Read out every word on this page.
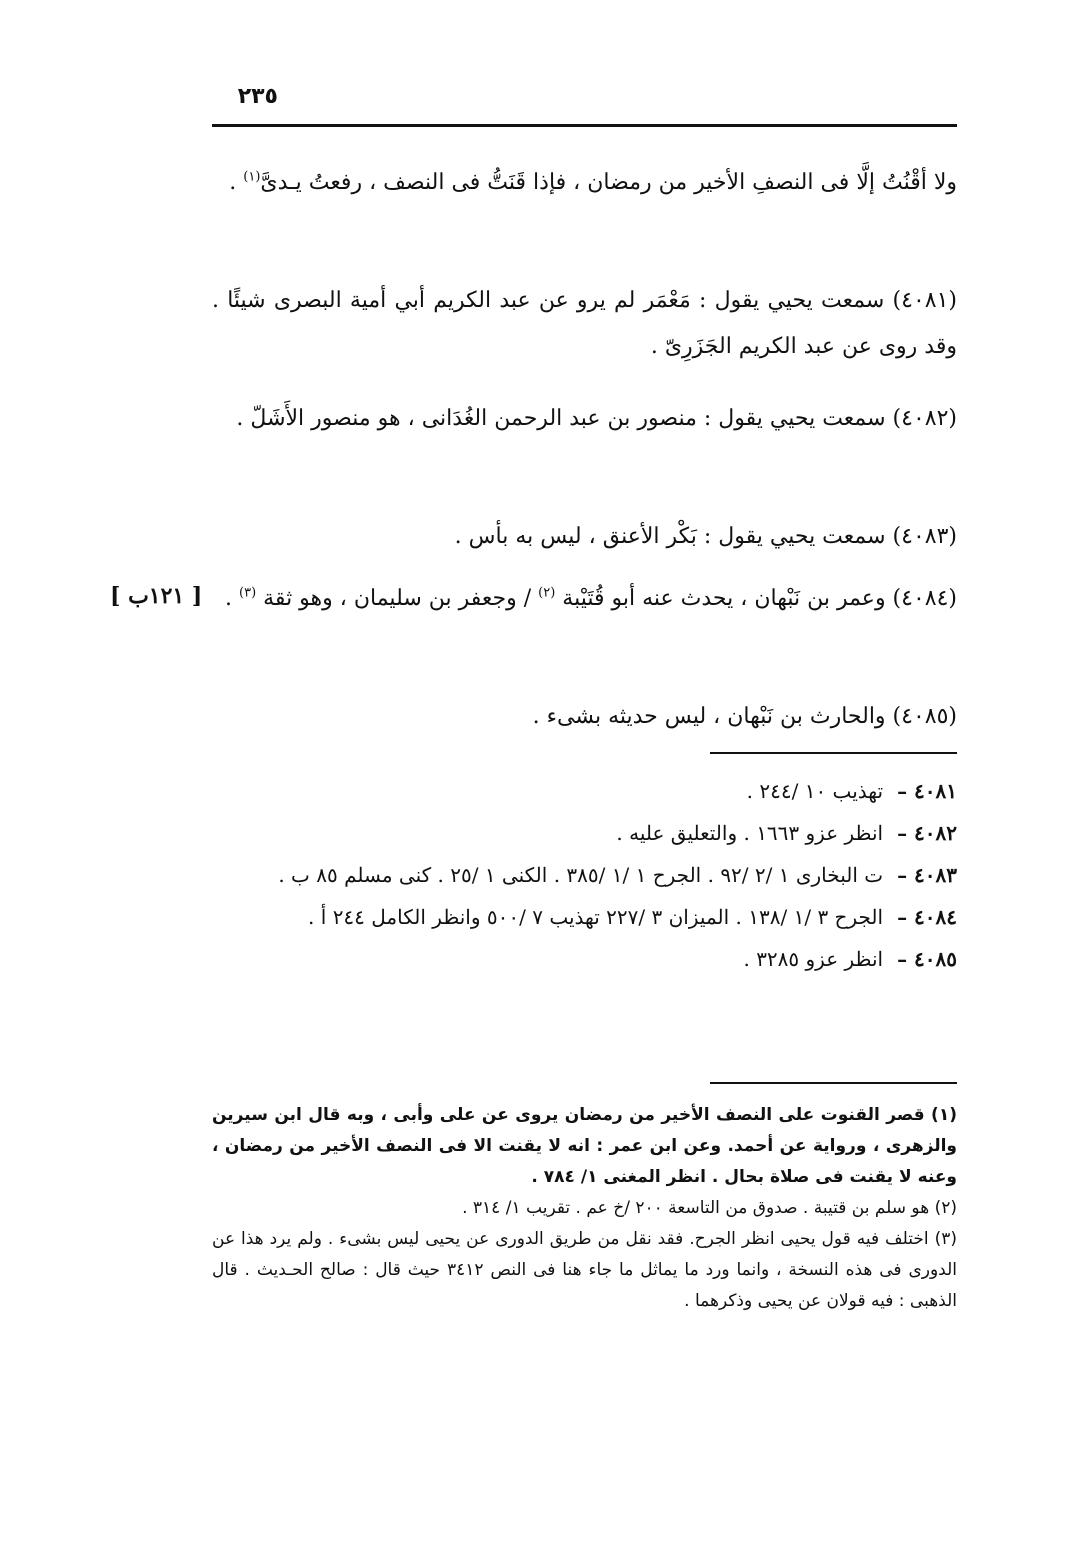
٢٣٥

ولا أقْنُتُ إلَّا فى النصفِ الأخير من رمضان ، فإذا قَنَتُّ فى النصف ، رفعتُ يـدىَّ$^{(١)}$ .

(٤٠٨١) سمعت يحيي يقول : مَعْمَر لم يرو عن عبد الكريم أبي أمية البصرى شيئًا . وقد روى عن عبد الكريم الجَزَرِىّ .

(٤٠٨٢) سمعت يحيي يقول : منصور بن عبد الرحمن الغُدَانى ، هو منصور الأَشَلّ .

(٤٠٨٣) سمعت يحيي يقول : بَكْر الأعنق ، ليس به بأس .

(٤٠٨٤) وعمر بن نَبْهان ، يحدث عنه أبو قُتَيْبة $^{(٢)}$ / وجعفر بن سليمان ، وهو ثقة $^{(٣)}$ .

[ ١٢١ب ]

(٤٠٨٥) والحارث بن نَبْهان ، ليس حديثه بشىء .

٤٠٨١ –
تهذيب ١٠ /٢٤٤ .
٤٠٨٢ –
انظر عزو ١٦٦٣ . والتعليق عليه .
٤٠٨٣ –
ت البخارى ١ /٢ /٩٢ . الجرح ١ /١ /٣٨٥ . الكنى ١ /٢٥ . كنى مسلم ٨٥ ب .
٤٠٨٤ –
الجرح ٣ /١ /١٣٨ . الميزان ٣ /٢٢٧ تهذيب ٧ /٥٠٠ وانظر الكامل ٢٤٤ أ .
٤٠٨٥ –
انظر عزو ٣٢٨٥ .

(١) قصر القنوت على النصف الأخير من رمضان يروى عن على وأبى ، وبه قال ابن سيرين والزهرى ، ورواية عن أحمد. وعن ابن عمر : انه لا يقنت الا فى النصف الأخير من رمضان ، وعنه لا يقنت فى صلاة بحال . انظر المغنى ١/ ٧٨٤ .

(٢) هو سلم بن قتيبة . صدوق من التاسعة ٢٠٠ /خ عم . تقريب ١/ ٣١٤ .

(٣) اختلف فيه قول يحيى انظر الجرح. فقد نقل من طريق الدورى عن يحيى ليس بشىء . ولم يرد هذا عن الدورى فى هذه النسخة ، وانما ورد ما يماثل ما جاء هنا فى النص ٣٤١٢ حيث قال : صالح الحـديث . قال الذهبى : فيه قولان عن يحيى وذكرهما .
